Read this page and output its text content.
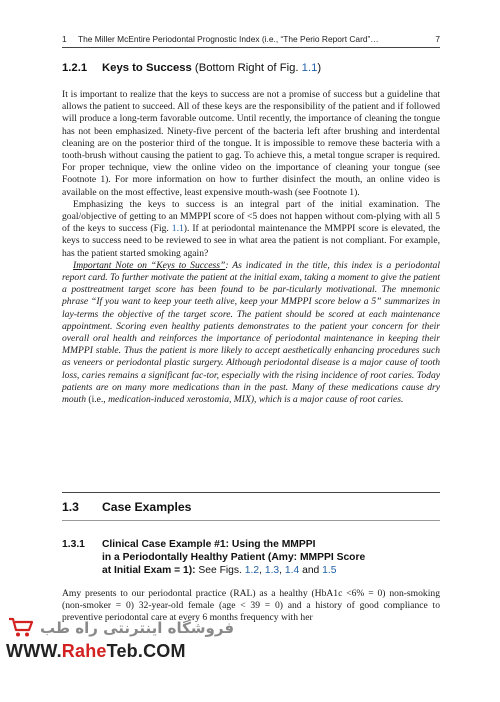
1 The Miller McEntire Periodontal Prognostic Index (i.e., “The Perio Report Card”…	7
1.2.1 Keys to Success (Bottom Right of Fig. 1.1)

It is important to realize that the keys to success are not a promise of success but a guideline that allows the patient to succeed. All of these keys are the responsibility of the patient and if followed will produce a long-term favorable outcome. Until recently, the importance of cleaning the tongue has not been emphasized. Ninety-five percent of the bacteria left after brushing and interdental cleaning are on the posterior third of the tongue. It is impossible to remove these bacteria with a tooth-brush without causing the patient to gag. To achieve this, a metal tongue scraper is required. For proper technique, view the online video on the importance of cleaning your tongue (see Footnote 1). For more information on how to further disinfect the mouth, an online video is available on the most effective, least expensive mouth-wash (see Footnote 1).

Emphasizing the keys to success is an integral part of the initial examination. The goal/objective of getting to an MMPPI score of <5 does not happen without com-plying with all 5 of the keys to success (Fig. 1.1). If at periodontal maintenance the MMPPI score is elevated, the keys to success need to be reviewed to see in what area the patient is not compliant. For example, has the patient started smoking again?

Important Note on “Keys to Success”: As indicated in the title, this index is a periodontal report card. To further motivate the patient at the initial exam, taking a moment to give the patient a posttreatment target score has been found to be par-ticularly motivational. The mnemonic phrase “If you want to keep your teeth alive, keep your MMPPI score below a 5” summarizes in lay-terms the objective of the target score. The patient should be scored at each maintenance appointment. Scoring even healthy patients demonstrates to the patient your concern for their overall oral health and reinforces the importance of periodontal maintenance in keeping their MMPPI stable. Thus the patient is more likely to accept aesthetically enhancing procedures such as veneers or periodontal plastic surgery. Although periodontal disease is a major cause of tooth loss, caries remains a significant fac-tor, especially with the rising incidence of root caries. Today patients are on many more medications than in the past. Many of these medications cause dry mouth (i.e., medication-induced xerostomia, MIX), which is a major cause of root caries.

1.3 Case Examples
1.3.1 Clinical Case Example #1: Using the MMPPI
in a Periodontally Healthy Patient (Amy: MMPPI Score
at Initial Exam = 1): See Figs. 1.2, 1.3, 1.4 and 1.5

Amy presents to our periodontal practice (RAL) as a healthy (HbA1c <6% = 0) non-smoking (non-smoker = 0) 32-year-old female (age < 39 = 0) and a history of good compliance to preventive periodontal care at every 6 months frequency with her

فروشگاه اینترنتی راه طب
WWW.RaheTeb.COM
